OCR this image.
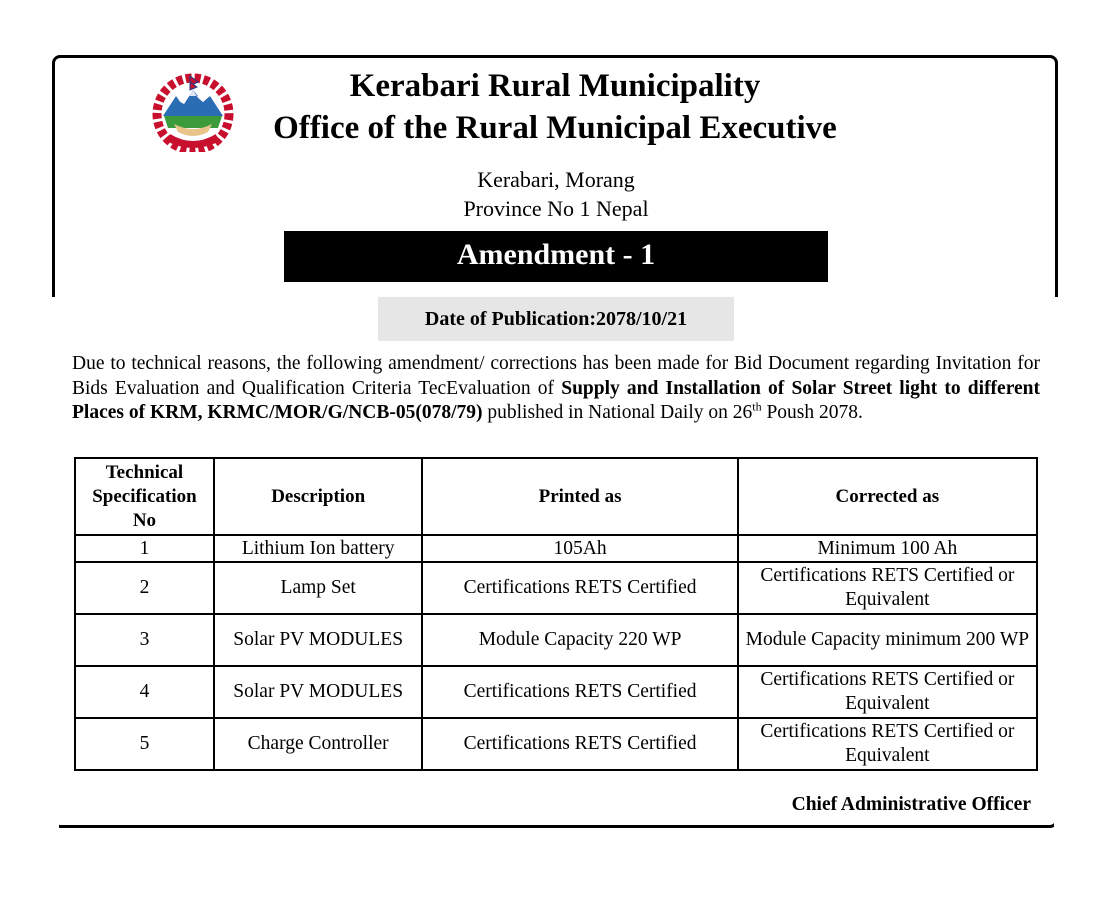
Kerabari Rural Municipality
Office of the Rural Municipal Executive
Kerabari, Morang
Province No 1 Nepal
Amendment - 1
Date of Publication:2078/10/21
Due to technical reasons, the following amendment/ corrections has been made for Bid Document regarding Invitation for Bids Evaluation and Qualification Criteria TecEvaluation of Supply and Installation of Solar Street light to different Places of KRM, KRMC/MOR/G/NCB-05(078/79) published in National Daily on 26th Poush 2078.
Technical Specification No	Description	Printed as	Corrected as
1	Lithium Ion battery	105Ah	Minimum 100 Ah
2	Lamp Set	Certifications RETS Certified	Certifications RETS Certified or Equivalent
3	Solar PV MODULES	Module Capacity 220 WP	Module Capacity minimum 200 WP
4	Solar PV MODULES	Certifications RETS Certified	Certifications RETS Certified or Equivalent
5	Charge Controller	Certifications RETS Certified	Certifications RETS Certified or Equivalent
Chief Administrative Officer
